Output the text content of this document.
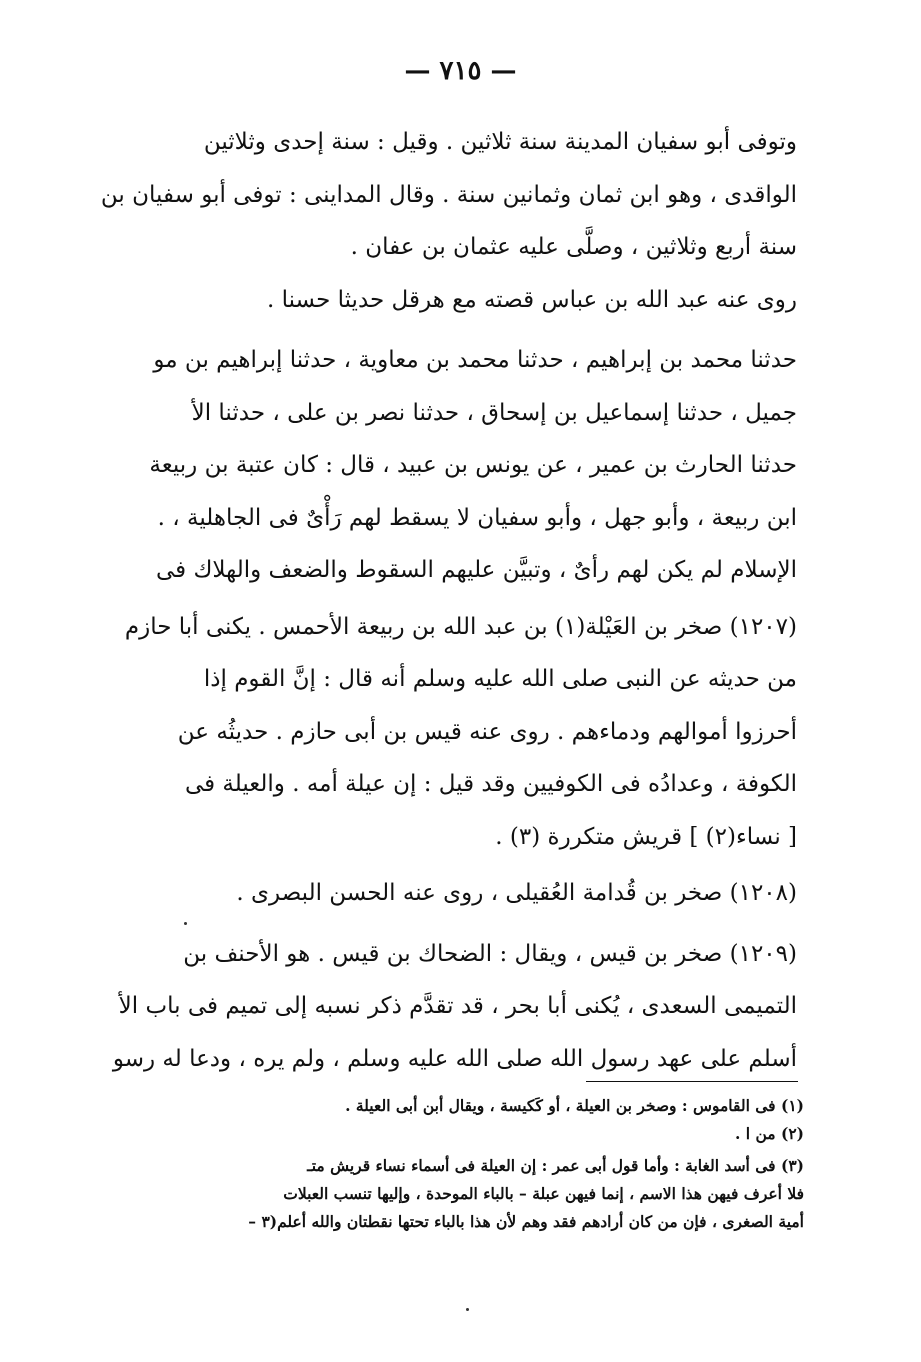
— ٧١٥ —
وتوفى أبو سفيان المدينة سنة ثلاثين . وقيل : سنة إحدى وثلاثين
الواقدى ، وهو ابن ثمان وثمانين سنة . وقال المداينى : توفى أبو سفيان بن
سنة أربع وثلاثين ، وصلَّى عليه عثمان بن عفان .
روى عنه عبد الله بن عباس قصته مع هرقل حديثا حسنا .
حدثنا محمد بن إبراهيم ، حدثنا محمد بن معاوية ، حدثنا إبراهيم بن مو
جميل ، حدثنا إسماعيل بن إسحاق ، حدثنا نصر بن على ، حدثنا الأ
حدثنا الحارث بن عمير ، عن يونس بن عبيد ، قال : كان عتبة بن ربيعة
ابن ربيعة ، وأبو جهل ، وأبو سفيان لا يسقط لهم رَأْىٌ فى الجاهلية ، .
الإسلام لم يكن لهم رأىٌ ، وتبيَّن عليهم السقوط والضعف والهلاك فى
(١٢٠٧) صخر بن العَيْلة(١) بن عبد الله بن ربيعة الأحمس . يكنى أبا حازم
من حديثه عن النبى صلى الله عليه وسلم أنه قال : إنَّ القوم إذا
أحرزوا أموالهم ودماءهم . روى عنه قيس بن أبى حازم . حديثُه عن
الكوفة ، وعدادُه فى الكوفيين وقد قيل : إن عيلة أمه . والعيلة فى
[ نساء(٢) ] قريش متكررة (٣) .
(١٢٠٨) صخر بن قُدامة العُقيلى ، روى عنه الحسن البصرى .
(١٢٠٩) صخر بن قيس ، ويقال : الضحاك بن قيس . هو الأحنف بن
التميمى السعدى ، يُكنى أبا بحر ، قد تقدَّم ذكر نسبه إلى تميم فى باب الأ
أسلم على عهد رسول الله صلى الله عليه وسلم ، ولم يره ، ودعا له رسو
(١) فى القاموس : وصخر بن العيلة ، أو كَكيسة ، ويقال أبن أبى العيلة .
(٢) من ا .
(٣) فى أسد الغابة : وأما قول أبى عمر : إن العيلة فى أسماء نساء قريش متـ
فلا أعرف فيهن هذا الاسم ، إنما فيهن عبلة – بالباء الموحدة ، وإليها تنسب العبلات
أمية الصغرى ، فإن من كان أرادهم فقد وهم لأن هذا بالباء تحتها نقطتان والله أعلم(٣ –
